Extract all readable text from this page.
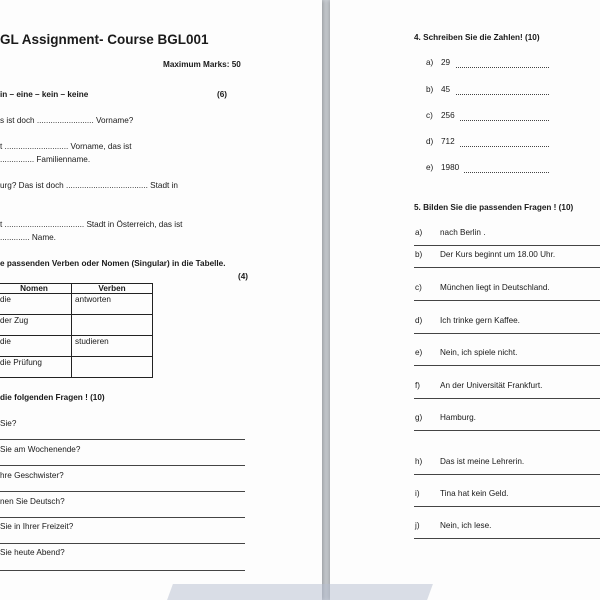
GL Assignment- Course BGL001
Maximum Marks: 50
in – eine – kein – keine	(6)
s ist doch ......................... Vorname?
t ............................ Vorname, das ist
............... Familienname.
urg? Das ist doch .................................... Stadt in
t ................................... Stadt in Österreich, das ist
............. Name.
e passenden Verben oder Nomen (Singular) in die Tabelle.
(4)
Nomen	Verben
die	antworten
der Zug	
die	studieren
die Prüfung	
die folgenden Fragen ! (10)
Sie?
Sie am Wochenende?
hre Geschwister?
nen Sie Deutsch?
Sie in Ihrer Freizeit?
Sie heute Abend?
4. Schreiben Sie die Zahlen! (10)
a) 29
b) 45
c) 256
d) 712
e) 1980
5. Bilden Sie die passenden Fragen ! (10)
a) nach Berlin .
b) Der Kurs beginnt um 18.00 Uhr.
c) München liegt in Deutschland.
d) Ich trinke gern Kaffee.
e) Nein, ich spiele nicht.
f) An der Universität Frankfurt.
g) Hamburg.
h) Das ist meine Lehrerin.
i) Tina hat kein Geld.
j) Nein, ich lese.
